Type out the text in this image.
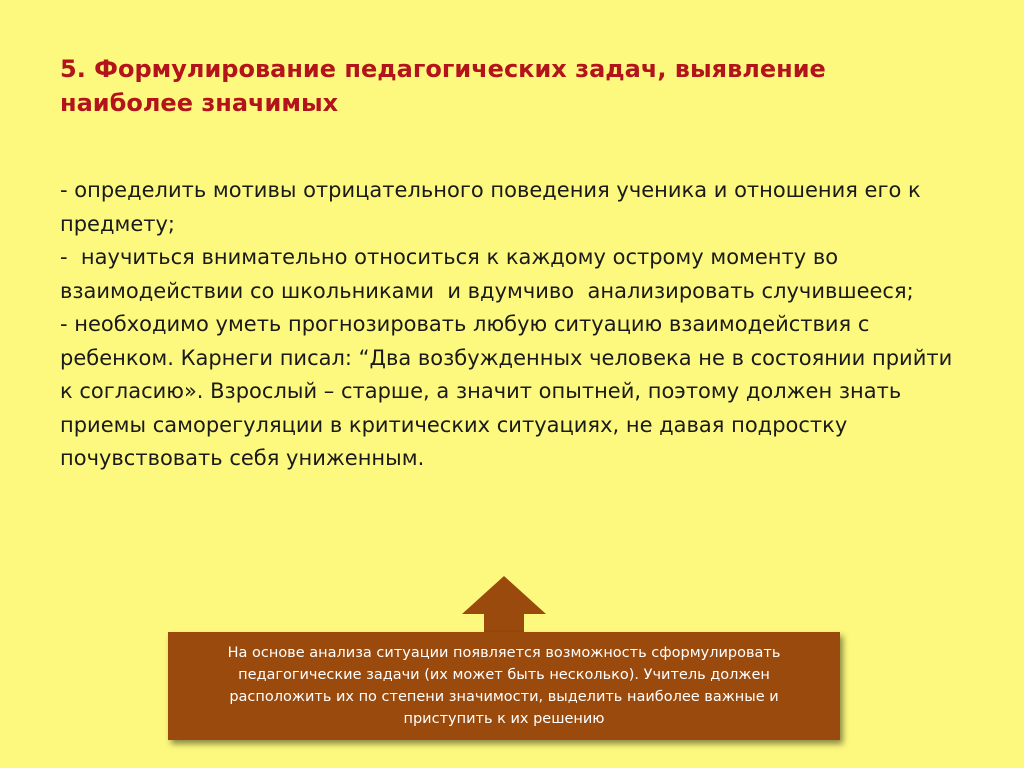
5. Формулирование педагогических задач, выявление наиболее значимых

- определить мотивы отрицательного поведения ученика и отношения его к предмету;

-  научиться внимательно относиться к каждому острому моменту во взаимодействии со школьниками  и вдумчиво  анализировать случившееся;

- необходимо уметь прогнозировать любую ситуацию взаимодействия с ребенком. Карнеги писал: “Два возбужденных человека не в состоянии прийти к согласию». Взрослый – старше, а значит опытней, поэтому должен знать приемы саморегуляции в критических ситуациях, не давая подростку почувствовать себя униженным.

На основе анализа ситуации появляется возможность сформулировать педагогические задачи (их может быть несколько). Учитель должен расположить их по степени значимости, выделить наиболее важные и приступить к их решению
